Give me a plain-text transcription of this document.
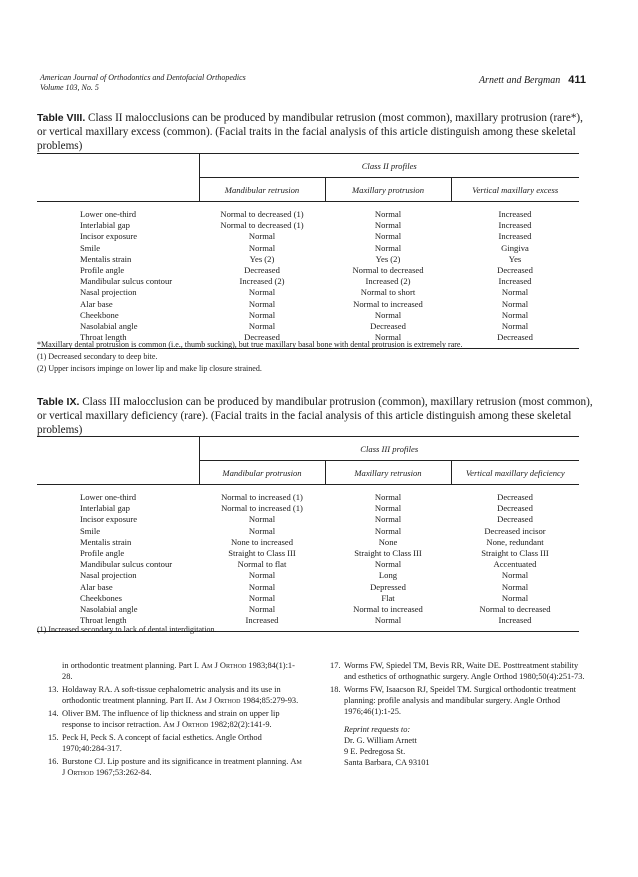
American Journal of Orthodontics and Dentofacial Orthopedics
Volume 103, No. 5
Arnett and Bergman 411
Table VIII. Class II malocclusions can be produced by mandibular retrusion (most common), maxillary protrusion (rare*), or vertical maxillary excess (common). (Facial traits in the facial analysis of this article distinguish among these skeletal problems)
	Class II profiles		
	Mandibular retrusion	Maxillary protrusion	Vertical maxillary excess
Lower one-third	Normal to decreased (1)	Normal	Increased
Interlabial gap	Normal to decreased (1)	Normal	Increased
Incisor exposure	Normal	Normal	Increased
Smile	Normal	Normal	Gingiva
Mentalis strain	Yes (2)	Yes (2)	Yes
Profile angle	Decreased	Normal to decreased	Decreased
Mandibular sulcus contour	Increased (2)	Increased (2)	Increased
Nasal projection	Normal	Normal to short	Normal
Alar base	Normal	Normal to increased	Normal
Cheekbone	Normal	Normal	Normal
Nasolabial angle	Normal	Decreased	Normal
Throat length	Decreased	Normal	Decreased
*Maxillary dental protrusion is common (i.e., thumb sucking), but true maxillary basal bone with dental protrusion is extremely rare.
(1) Decreased secondary to deep bite.
(2) Upper incisors impinge on lower lip and make lip closure strained.
Table IX. Class III malocclusion can be produced by mandibular protrusion (common), maxillary retrusion (most common), or vertical maxillary deficiency (rare). (Facial traits in the facial analysis of this article distinguish among these skeletal problems)
	Class III profiles		
	Mandibular protrusion	Maxillary retrusion	Vertical maxillary deficiency
Lower one-third	Normal to increased (1)	Normal	Decreased
Interlabial gap	Normal to increased (1)	Normal	Decreased
Incisor exposure	Normal	Normal	Decreased
Smile	Normal	Normal	Decreased incisor
Mentalis strain	None to increased	None	None, redundant
Profile angle	Straight to Class III	Straight to Class III	Straight to Class III
Mandibular sulcus contour	Normal to flat	Normal	Accentuated
Nasal projection	Normal	Long	Normal
Alar base	Normal	Depressed	Normal
Cheekbones	Normal	Flat	Normal
Nasolabial angle	Normal	Normal to increased	Normal to decreased
Throat length	Increased	Normal	Increased
(1) Increased secondary to lack of dental interdigitation.
in orthodontic treatment planning. Part I. Am J Orthod 1983;84(1):1-28.
13. Holdaway RA. A soft-tissue cephalometric analysis and its use in orthodontic treatment planning. Part II. Am J Orthod 1984;85:279-93.
14. Oliver BM. The influence of lip thickness and strain on upper lip response to incisor retraction. Am J Orthod 1982;82(2):141-9.
15. Peck H, Peck S. A concept of facial esthetics. Angle Orthod 1970;40:284-317.
16. Burstone CJ. Lip posture and its significance in treatment planning. Am J Orthod 1967;53:262-84.
17. Worms FW, Spiedel TM, Bevis RR, Waite DE. Posttreatment stability and esthetics of orthognathic surgery. Angle Orthod 1980;50(4):251-73.
18. Worms FW, Isaacson RJ, Speidel TM. Surgical orthodontic treatment planning: profile analysis and mandibular surgery. Angle Orthod 1976;46(1):1-25.
Reprint requests to:
Dr. G. William Arnett
9 E. Pedregosa St.
Santa Barbara, CA 93101
